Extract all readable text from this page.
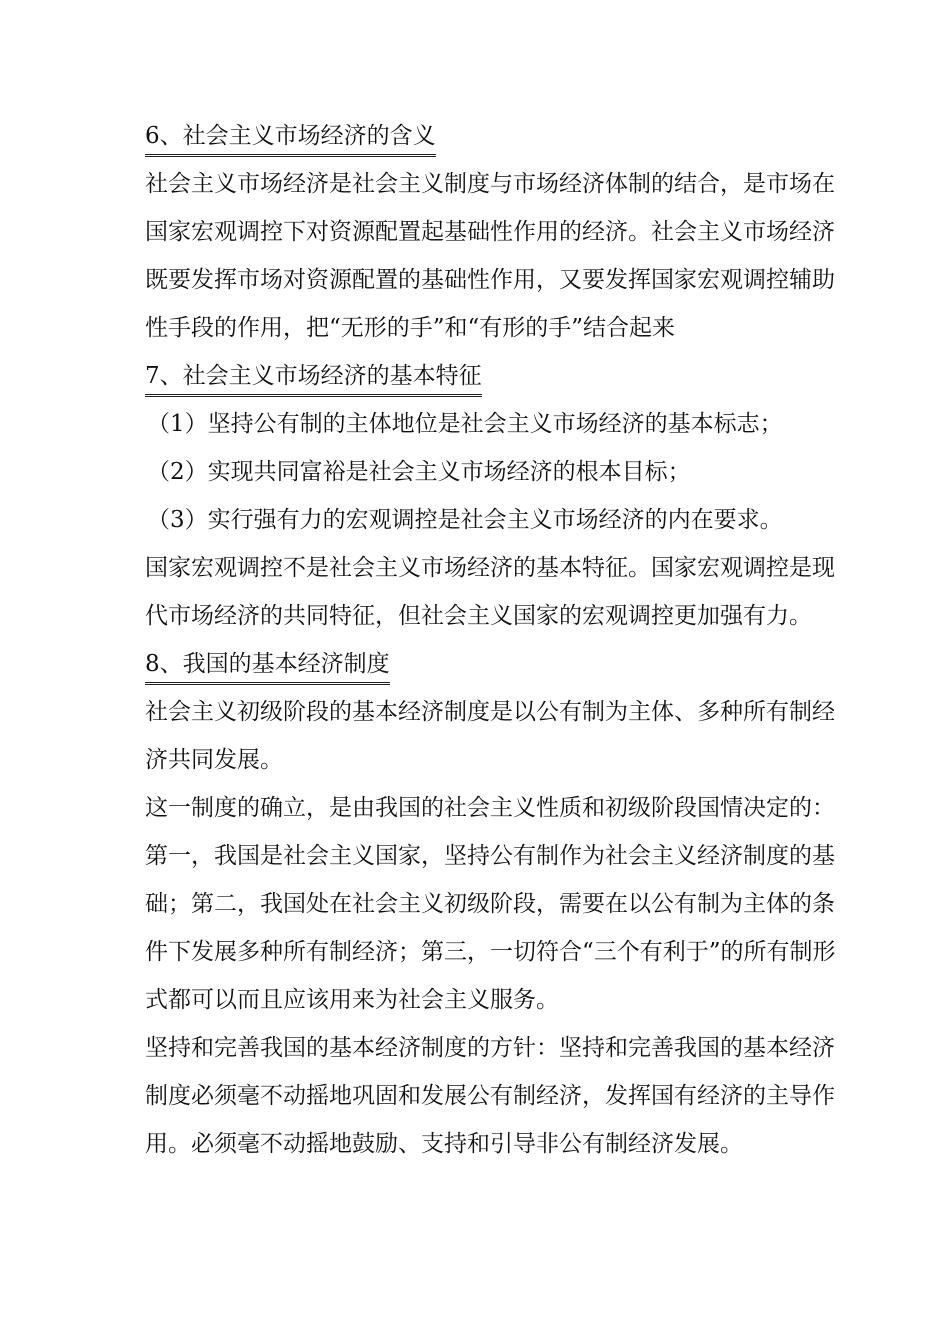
6、社会主义市场经济的含义
社会主义市场经济是社会主义制度与市场经济体制的结合，是市场在
国家宏观调控下对资源配置起基础性作用的经济。社会主义市场经济
既要发挥市场对资源配置的基础性作用，又要发挥国家宏观调控辅助
性手段的作用，把“无形的手”和“有形的手”结合起来
7、社会主义市场经济的基本特征
（1）坚持公有制的主体地位是社会主义市场经济的基本标志；
（2）实现共同富裕是社会主义市场经济的根本目标；
（3）实行强有力的宏观调控是社会主义市场经济的内在要求。
国家宏观调控不是社会主义市场经济的基本特征。国家宏观调控是现
代市场经济的共同特征，但社会主义国家的宏观调控更加强有力。
8、我国的基本经济制度
社会主义初级阶段的基本经济制度是以公有制为主体、多种所有制经
济共同发展。
这一制度的确立，是由我国的社会主义性质和初级阶段国情决定的：
第一，我国是社会主义国家，坚持公有制作为社会主义经济制度的基
础；第二，我国处在社会主义初级阶段，需要在以公有制为主体的条
件下发展多种所有制经济；第三，一切符合“三个有利于”的所有制形
式都可以而且应该用来为社会主义服务。
坚持和完善我国的基本经济制度的方针：坚持和完善我国的基本经济
制度必须毫不动摇地巩固和发展公有制经济，发挥国有经济的主导作
用。必须毫不动摇地鼓励、支持和引导非公有制经济发展。
